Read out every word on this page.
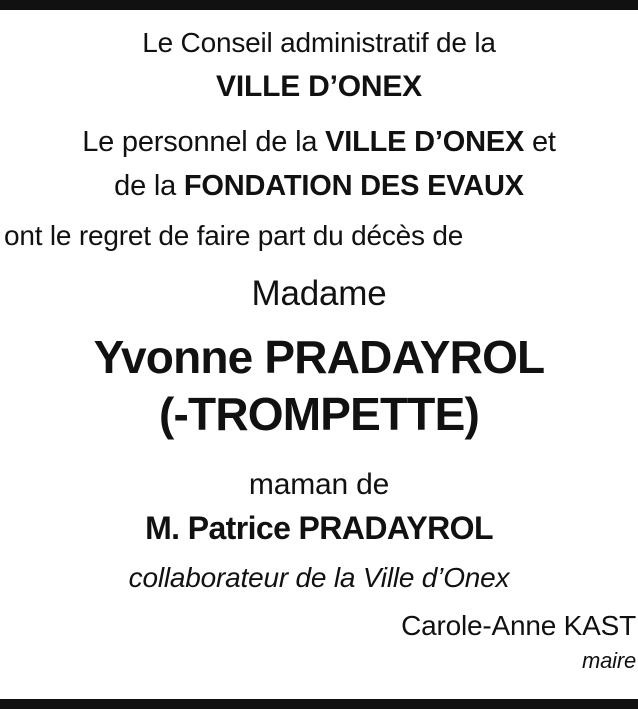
Le Conseil administratif de la
VILLE D’ONEX
Le personnel de la VILLE D’ONEX et
de la FONDATION DES EVAUX
ont le regret de faire part du décès de
Madame
Yvonne PRADAYROL
(-TROMPETTE)
maman de
M. Patrice PRADAYROL
collaborateur de la Ville d’Onex
Carole-Anne KAST
maire
